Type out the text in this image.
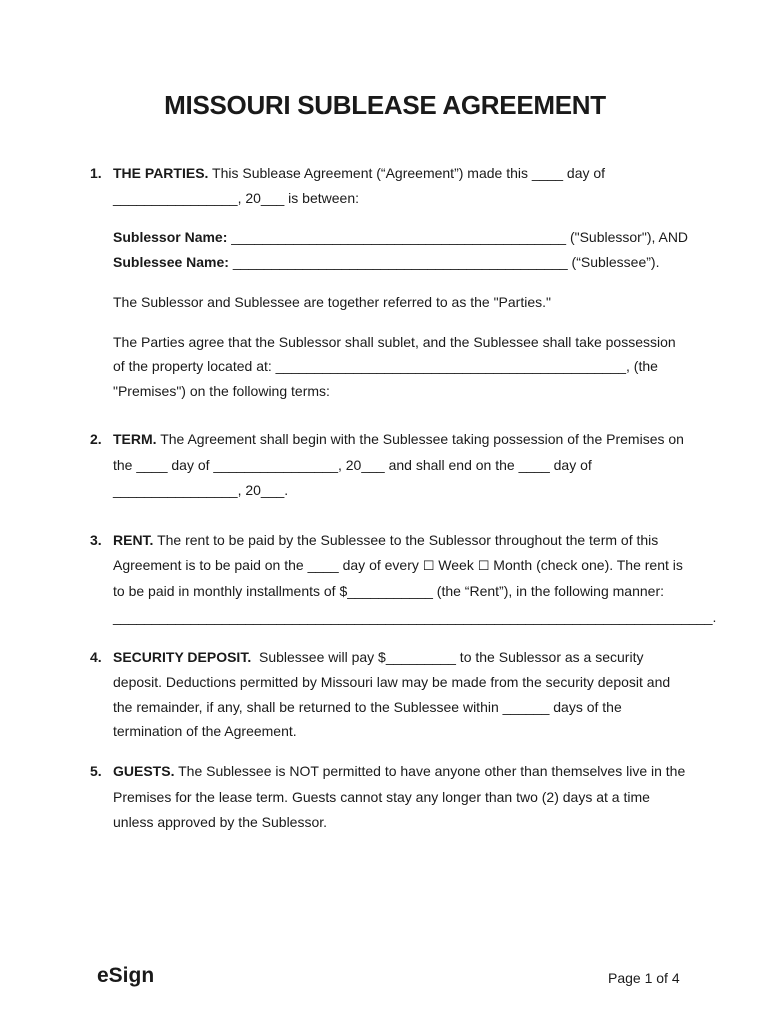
MISSOURI SUBLEASE AGREEMENT
1. THE PARTIES. This Sublease Agreement (“Agreement”) made this ____ day of
________________, 20___ is between:
Sublessor Name: ___________________________________________ ("Sublessor"), AND
Sublessee Name: ___________________________________________ (“Sublessee”).
The Sublessor and Sublessee are together referred to as the "Parties."
The Parties agree that the Sublessor shall sublet, and the Sublessee shall take possession
of the property located at: _____________________________________________, (the
"Premises") on the following terms:
2. TERM. The Agreement shall begin with the Sublessee taking possession of the Premises on
the ____ day of ________________, 20___ and shall end on the ____ day of
________________, 20___.
3. RENT. The rent to be paid by the Sublessee to the Sublessor throughout the term of this
Agreement is to be paid on the ____ day of every ☐ Week ☐ Month (check one). The rent is
to be paid in monthly installments of $___________ (the “Rent”), in the following manner:
_____________________________________________________________________________.
4. SECURITY DEPOSIT.  Sublessee will pay $_________ to the Sublessor as a security
deposit. Deductions permitted by Missouri law may be made from the security deposit and
the remainder, if any, shall be returned to the Sublessee within ______ days of the
termination of the Agreement.
5. GUESTS. The Sublessee is NOT permitted to have anyone other than themselves live in the
Premises for the lease term. Guests cannot stay any longer than two (2) days at a time
unless approved by the Sublessor.
eSign	Page 1 of 4
